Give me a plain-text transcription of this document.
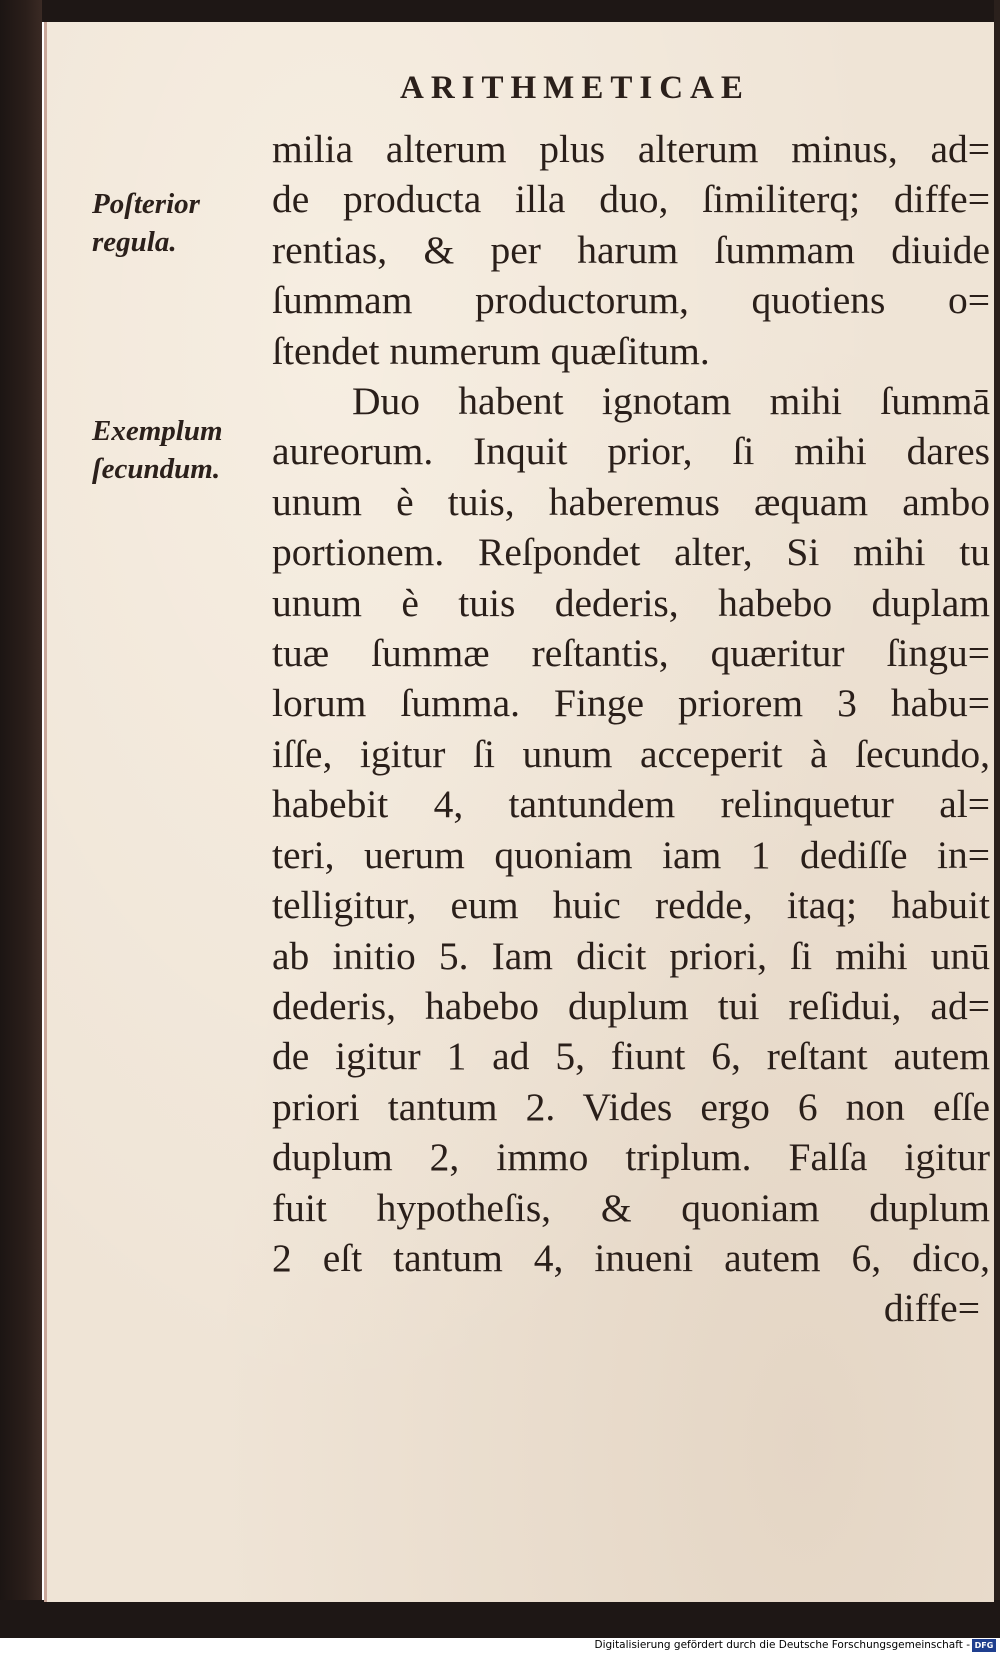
ARITHMETICAE
Poſterior
regula.
Exemplum
ſecundum.
milia alterum plus alterum minus, ad=
de producta illa duo, ſimiliterq; diffe=
rentias, & per harum ſummam diuide
ſummam productorum, quotiens o=
ſtendet numerum quæſitum.
Duo habent ignotam mihi ſummā
aureorum. Inquit prior, ſi mihi dares
unum è tuis, haberemus æquam ambo
portionem. Reſpondet alter, Si mihi tu
unum è tuis dederis, habebo duplam
tuæ ſummæ reſtantis, quæritur ſingu=
lorum ſumma. Finge priorem 3 habu=
iſſe, igitur ſi unum acceperit à ſecundo,
habebit 4, tantundem relinquetur al=
teri, uerum quoniam iam 1 dediſſe in=
telligitur, eum huic redde, itaq; habuit
ab initio 5. Iam dicit priori, ſi mihi unū
dederis, habebo duplum tui reſidui, ad=
de igitur 1 ad 5, fiunt 6, reſtant autem
priori tantum 2. Vides ergo 6 non eſſe
duplum 2, immo triplum. Falſa igitur
fuit hypotheſis, & quoniam duplum
2 eſt tantum 4, inueni autem 6, dico,
diffe=
Digitalisierung gefördert durch die Deutsche Forschungsgemeinschaft - DFG
